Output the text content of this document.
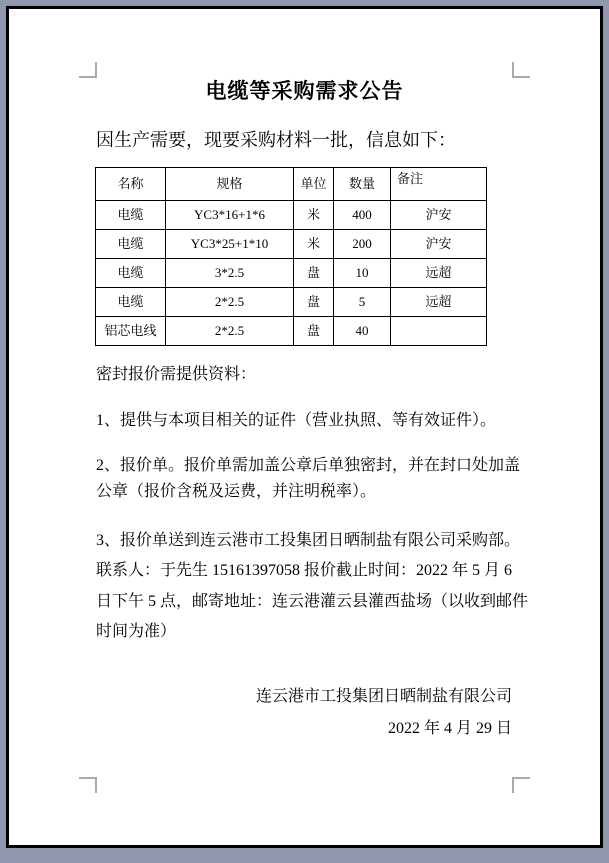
电缆等采购需求公告
因生产需要，现要采购材料一批，信息如下：
名称	规格	单位	数量	备注
电缆	YC3*16+1*6	米	400	沪安
电缆	YC3*25+1*10	米	200	沪安
电缆	3*2.5	盘	10	远超
电缆	2*2.5	盘	5	远超
铝芯电线	2*2.5	盘	40	
密封报价需提供资料：
1、提供与本项目相关的证件（营业执照、等有效证件）。
2、报价单。报价单需加盖公章后单独密封，并在封口处加盖
公章（报价含税及运费，并注明税率）。
3、报价单送到连云港市工投集团日晒制盐有限公司采购部。
联系人：于先生 15161397058 报价截止时间：2022 年 5 月 6
日下午 5 点，邮寄地址：连云港灌云县灌西盐场（以收到邮件
时间为准）
连云港市工投集团日晒制盐有限公司
2022 年 4 月 29 日
